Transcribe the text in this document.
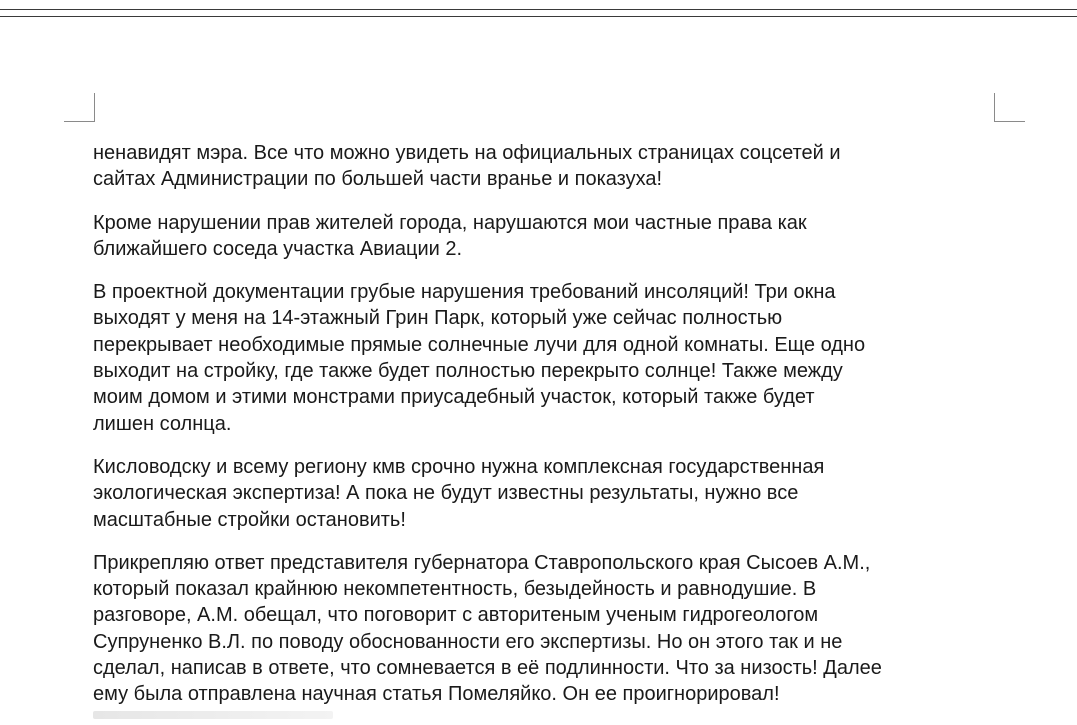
ненавидят мэра. Все что можно увидеть на официальных страницах соцсетей и
сайтах Администрации по большей части вранье и показуха!

Кроме нарушении прав жителей города, нарушаются мои частные права как
ближайшего соседа участка Авиации 2.

В проектной документации грубые нарушения требований инсоляций! Три окна
выходят у меня на 14-этажный Грин Парк, который уже сейчас полностью
перекрывает необходимые прямые солнечные лучи для одной комнаты. Еще одно
выходит на стройку, где также будет полностью перекрыто солнце! Также между
моим домом и этими монстрами приусадебный участок, который также будет
лишен солнца.

Кисловодску и всему региону кмв срочно нужна комплексная государственная
экологическая экспертиза! А пока не будут известны результаты, нужно все
масштабные стройки остановить!

Прикрепляю ответ представителя губернатора Ставропольского края Сысоев А.М.,
который показал крайнюю некомпетентность, безыдейность и равнодушие. В
разговоре, А.М. обещал, что поговорит с авторитеным ученым гидрогеологом
Супруненко В.Л. по поводу обоснованности его экспертизы. Но он этого так и не
сделал, написав в ответе, что сомневается в её подлинности. Что за низость! Далее
ему была отправлена научная статья Помеляйко. Он ее проигнорировал!
